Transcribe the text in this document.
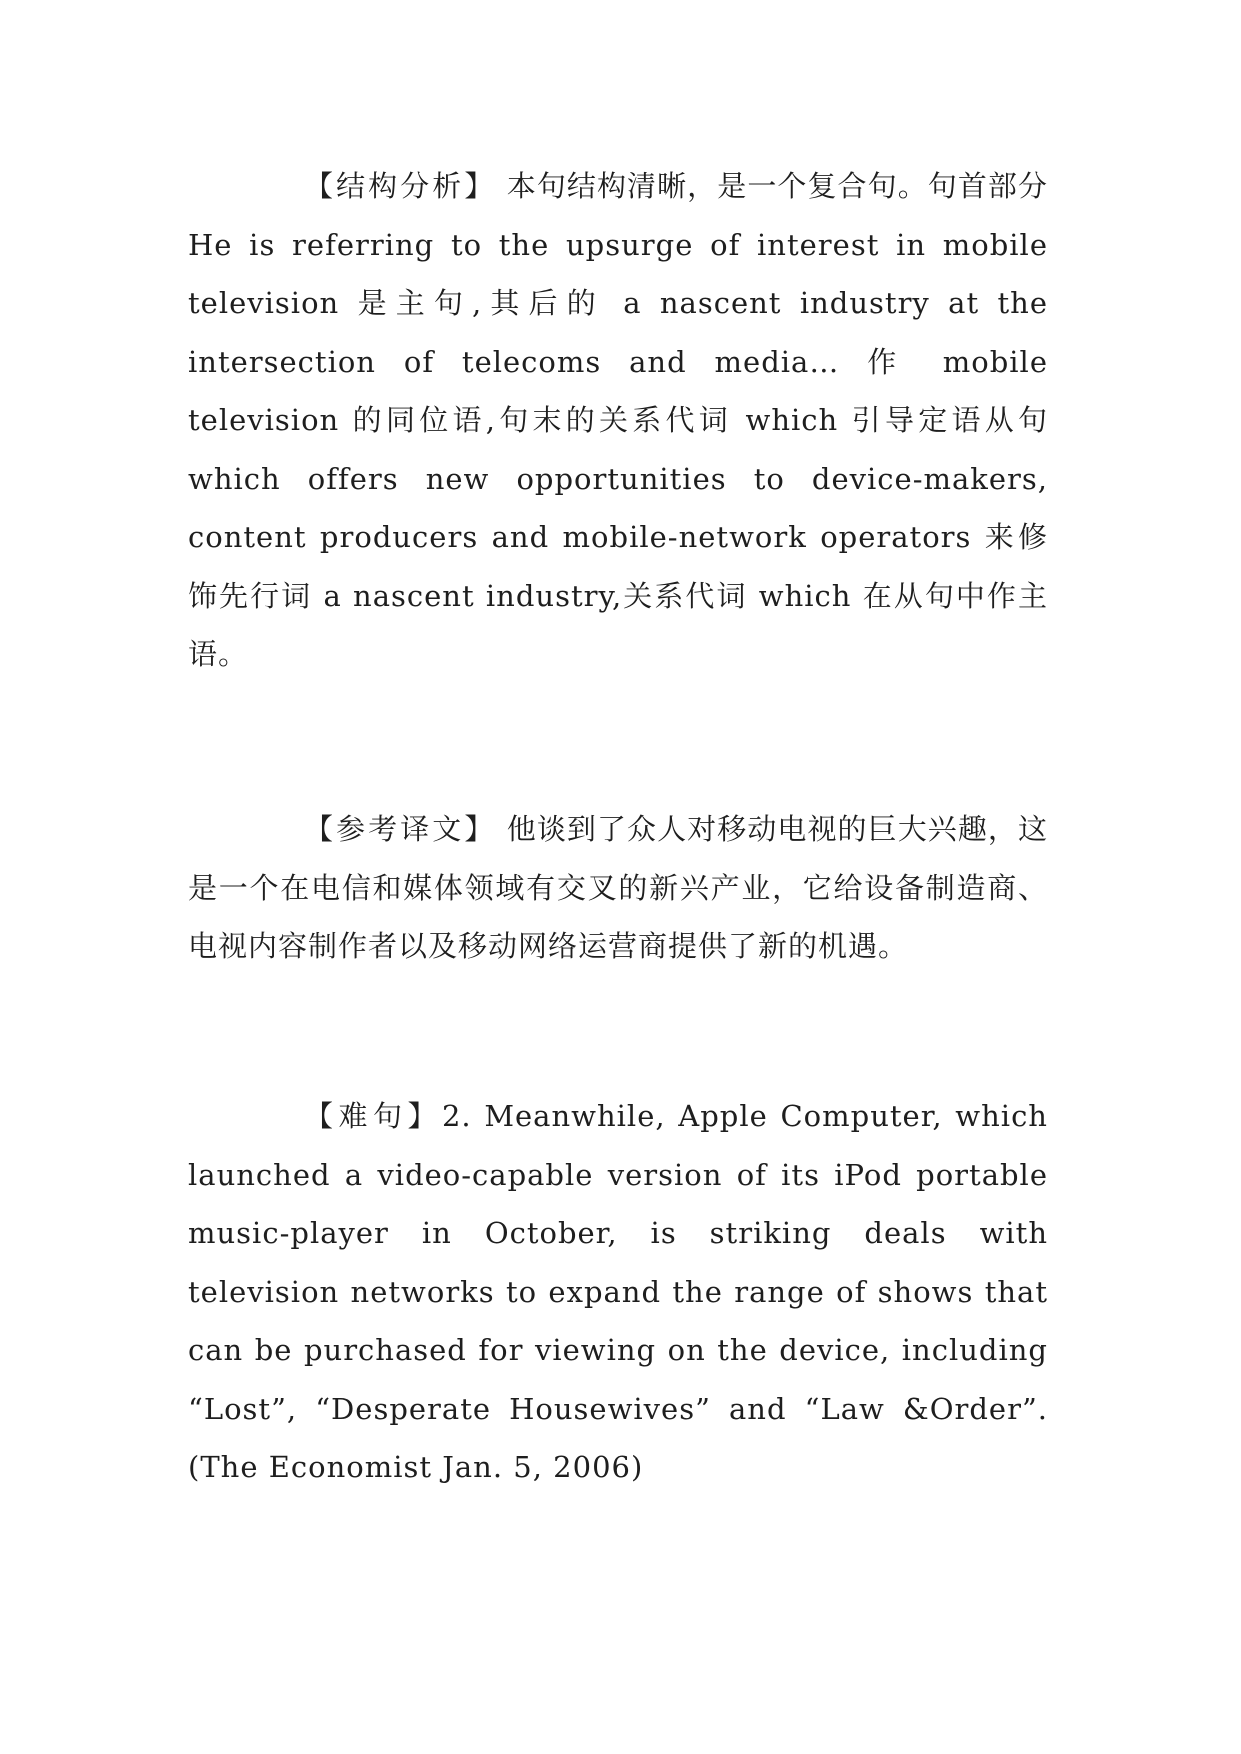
【结构分析】 本句结构清晰，是一个复合句。句首部分 He is referring to the upsurge of interest in mobile television 是主句,其后的 a nascent industry at the intersection of telecoms and media… 作 mobile television 的同位语,句末的关系代词 which 引导定语从句 which offers new opportunities to device-makers, content producers and mobile-network operators 来修饰先行词 a nascent industry,关系代词 which 在从句中作主语。

【参考译文】 他谈到了众人对移动电视的巨大兴趣，这是一个在电信和媒体领域有交叉的新兴产业，它给设备制造商、电视内容制作者以及移动网络运营商提供了新的机遇。

【难句】2. Meanwhile, Apple Computer, which launched a video-capable version of its iPod portable music-player in October, is striking deals with television networks to expand the range of shows that can be purchased for viewing on the device, including “Lost”, “Desperate Housewives” and “Law &Order”. (The Economist Jan. 5, 2006)
